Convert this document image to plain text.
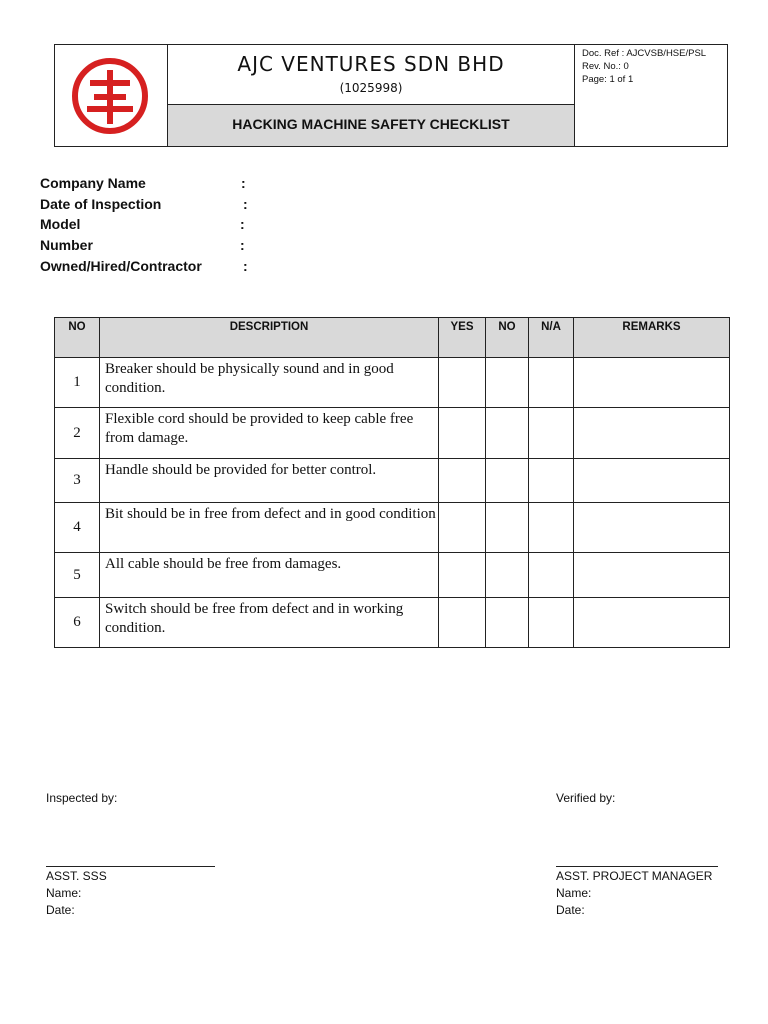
AJC VENTURES SDN BHD
(1025998)
HACKING MACHINE SAFETY CHECKLIST
Doc. Ref : AJCVSB/HSE/PSL
Rev. No.: 0
Page: 1 of 1
Company Name	:
Date of Inspection	:
Model	:
Number	:
Owned/Hired/Contractor	:
NO	DESCRIPTION	YES	NO	N/A	REMARKS
1	Breaker should be physically sound and in good condition.				
2	Flexible cord should be provided to keep cable free from damage.				
3	Handle should be provided for better control.				
4	Bit should be in free from defect and in good condition				
5	All cable should be free from damages.				
6	Switch should be free from defect and in working condition.				
Inspected by:
ASST. SSS
Name:
Date:
Verified by:
ASST. PROJECT MANAGER
Name:
Date:
